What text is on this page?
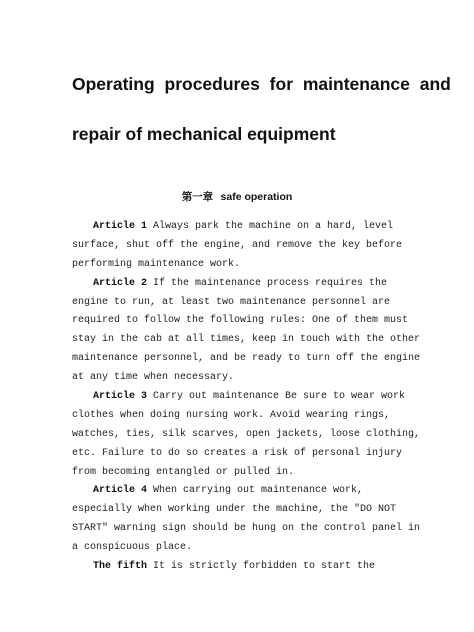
Operating procedures for maintenance and
repair of mechanical equipment
第一章 safe operation
Article 1 Always park the machine on a hard, level
surface, shut off the engine, and remove the key before
performing maintenance work.
Article 2 If the maintenance process requires the
engine to run, at least two maintenance personnel are
required to follow the following rules: One of them must
stay in the cab at all times, keep in touch with the other
maintenance personnel, and be ready to turn off the engine
at any time when necessary.
Article 3 Carry out maintenance Be sure to wear work
clothes when doing nursing work. Avoid wearing rings,
watches, ties, silk scarves, open jackets, loose clothing,
etc. Failure to do so creates a risk of personal injury
from becoming entangled or pulled in.
Article 4 When carrying out maintenance work,
especially when working under the machine, the "DO NOT
START" warning sign should be hung on the control panel in
a conspicuous place.
The fifth It is strictly forbidden to start the
